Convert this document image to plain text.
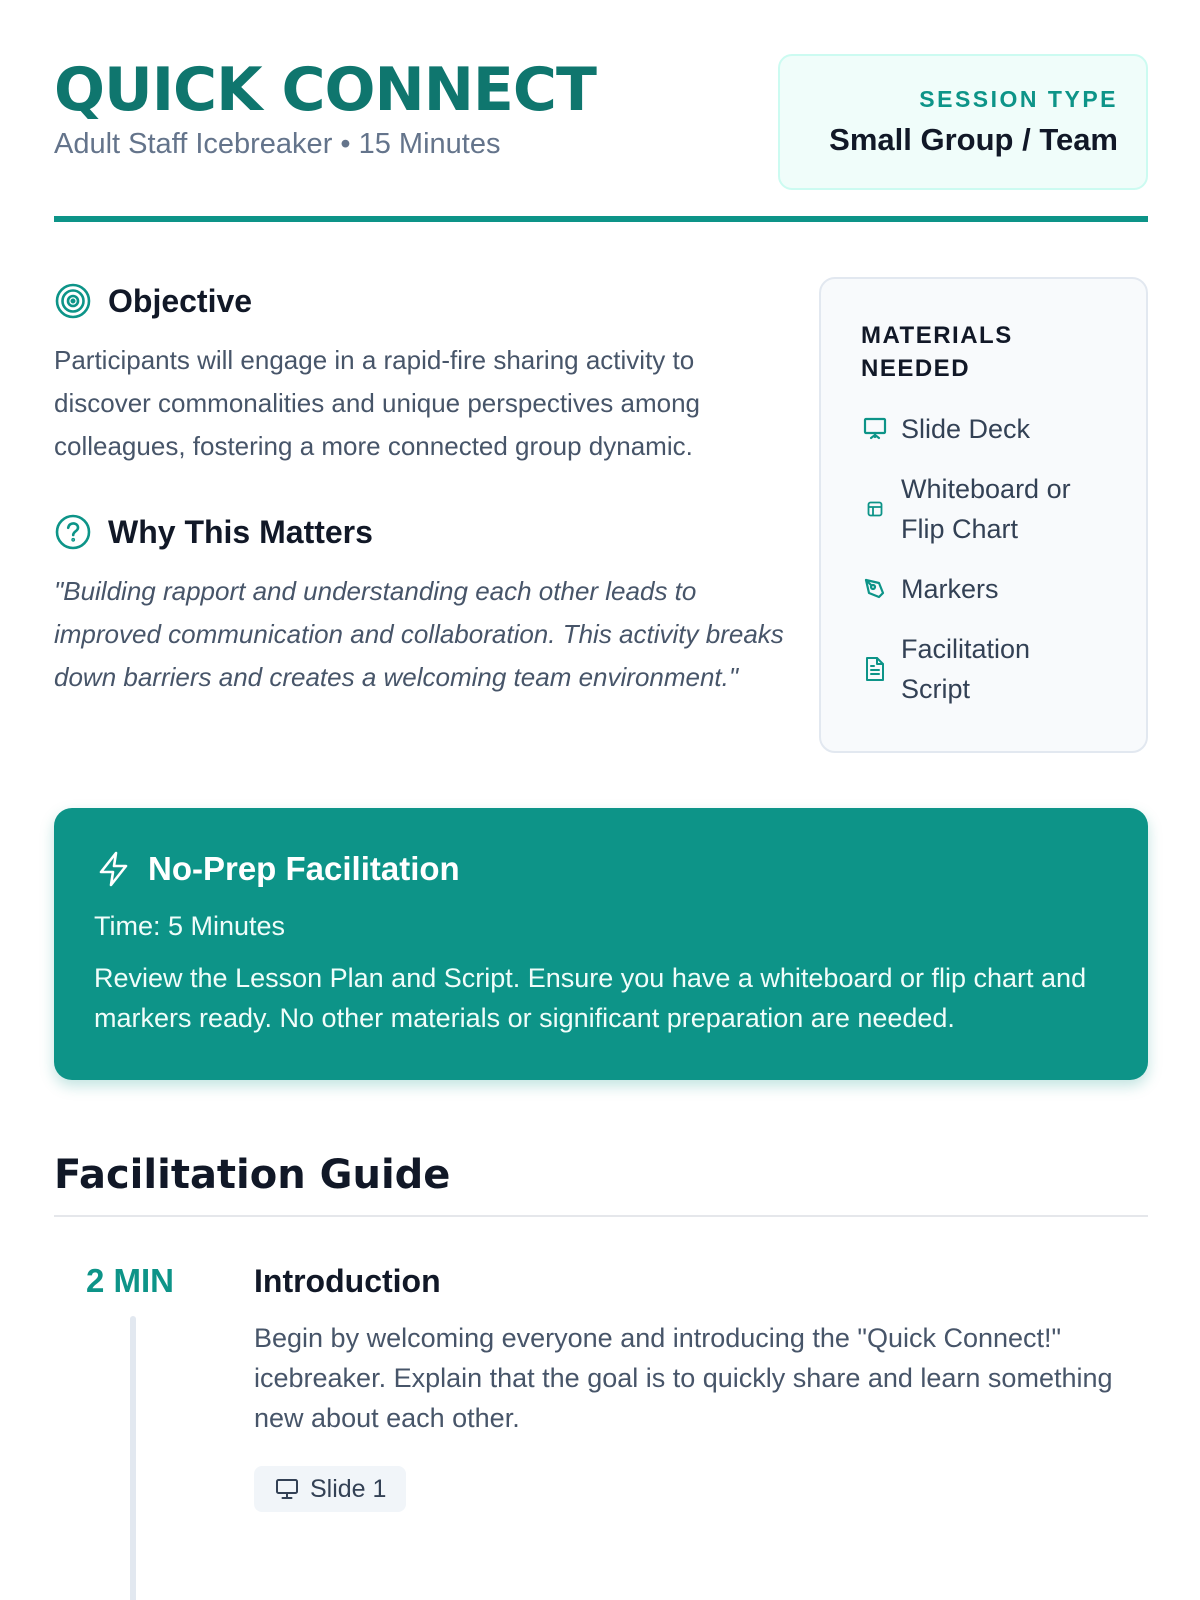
QUICK CONNECT
Adult Staff Icebreaker • 15 Minutes
SESSION TYPE
Small Group / Team
Objective

Participants will engage in a rapid-fire sharing activity to discover commonalities and unique perspectives among colleagues, fostering a more connected group dynamic.

Why This Matters

"Building rapport and understanding each other leads to improved communication and collaboration. This activity breaks down barriers and creates a welcoming team environment."

MATERIALS NEEDED
Slide Deck
Whiteboard or Flip Chart
Markers
Facilitation Script
No-Prep Facilitation
Time: 5 Minutes
Review the Lesson Plan and Script. Ensure you have a whiteboard or flip chart and markers ready. No other materials or significant preparation are needed.
Facilitation Guide
2 MIN Introduction

Begin by welcoming everyone and introducing the "Quick Connect!" icebreaker. Explain that the goal is to quickly share and learn something new about each other.

Slide 1
